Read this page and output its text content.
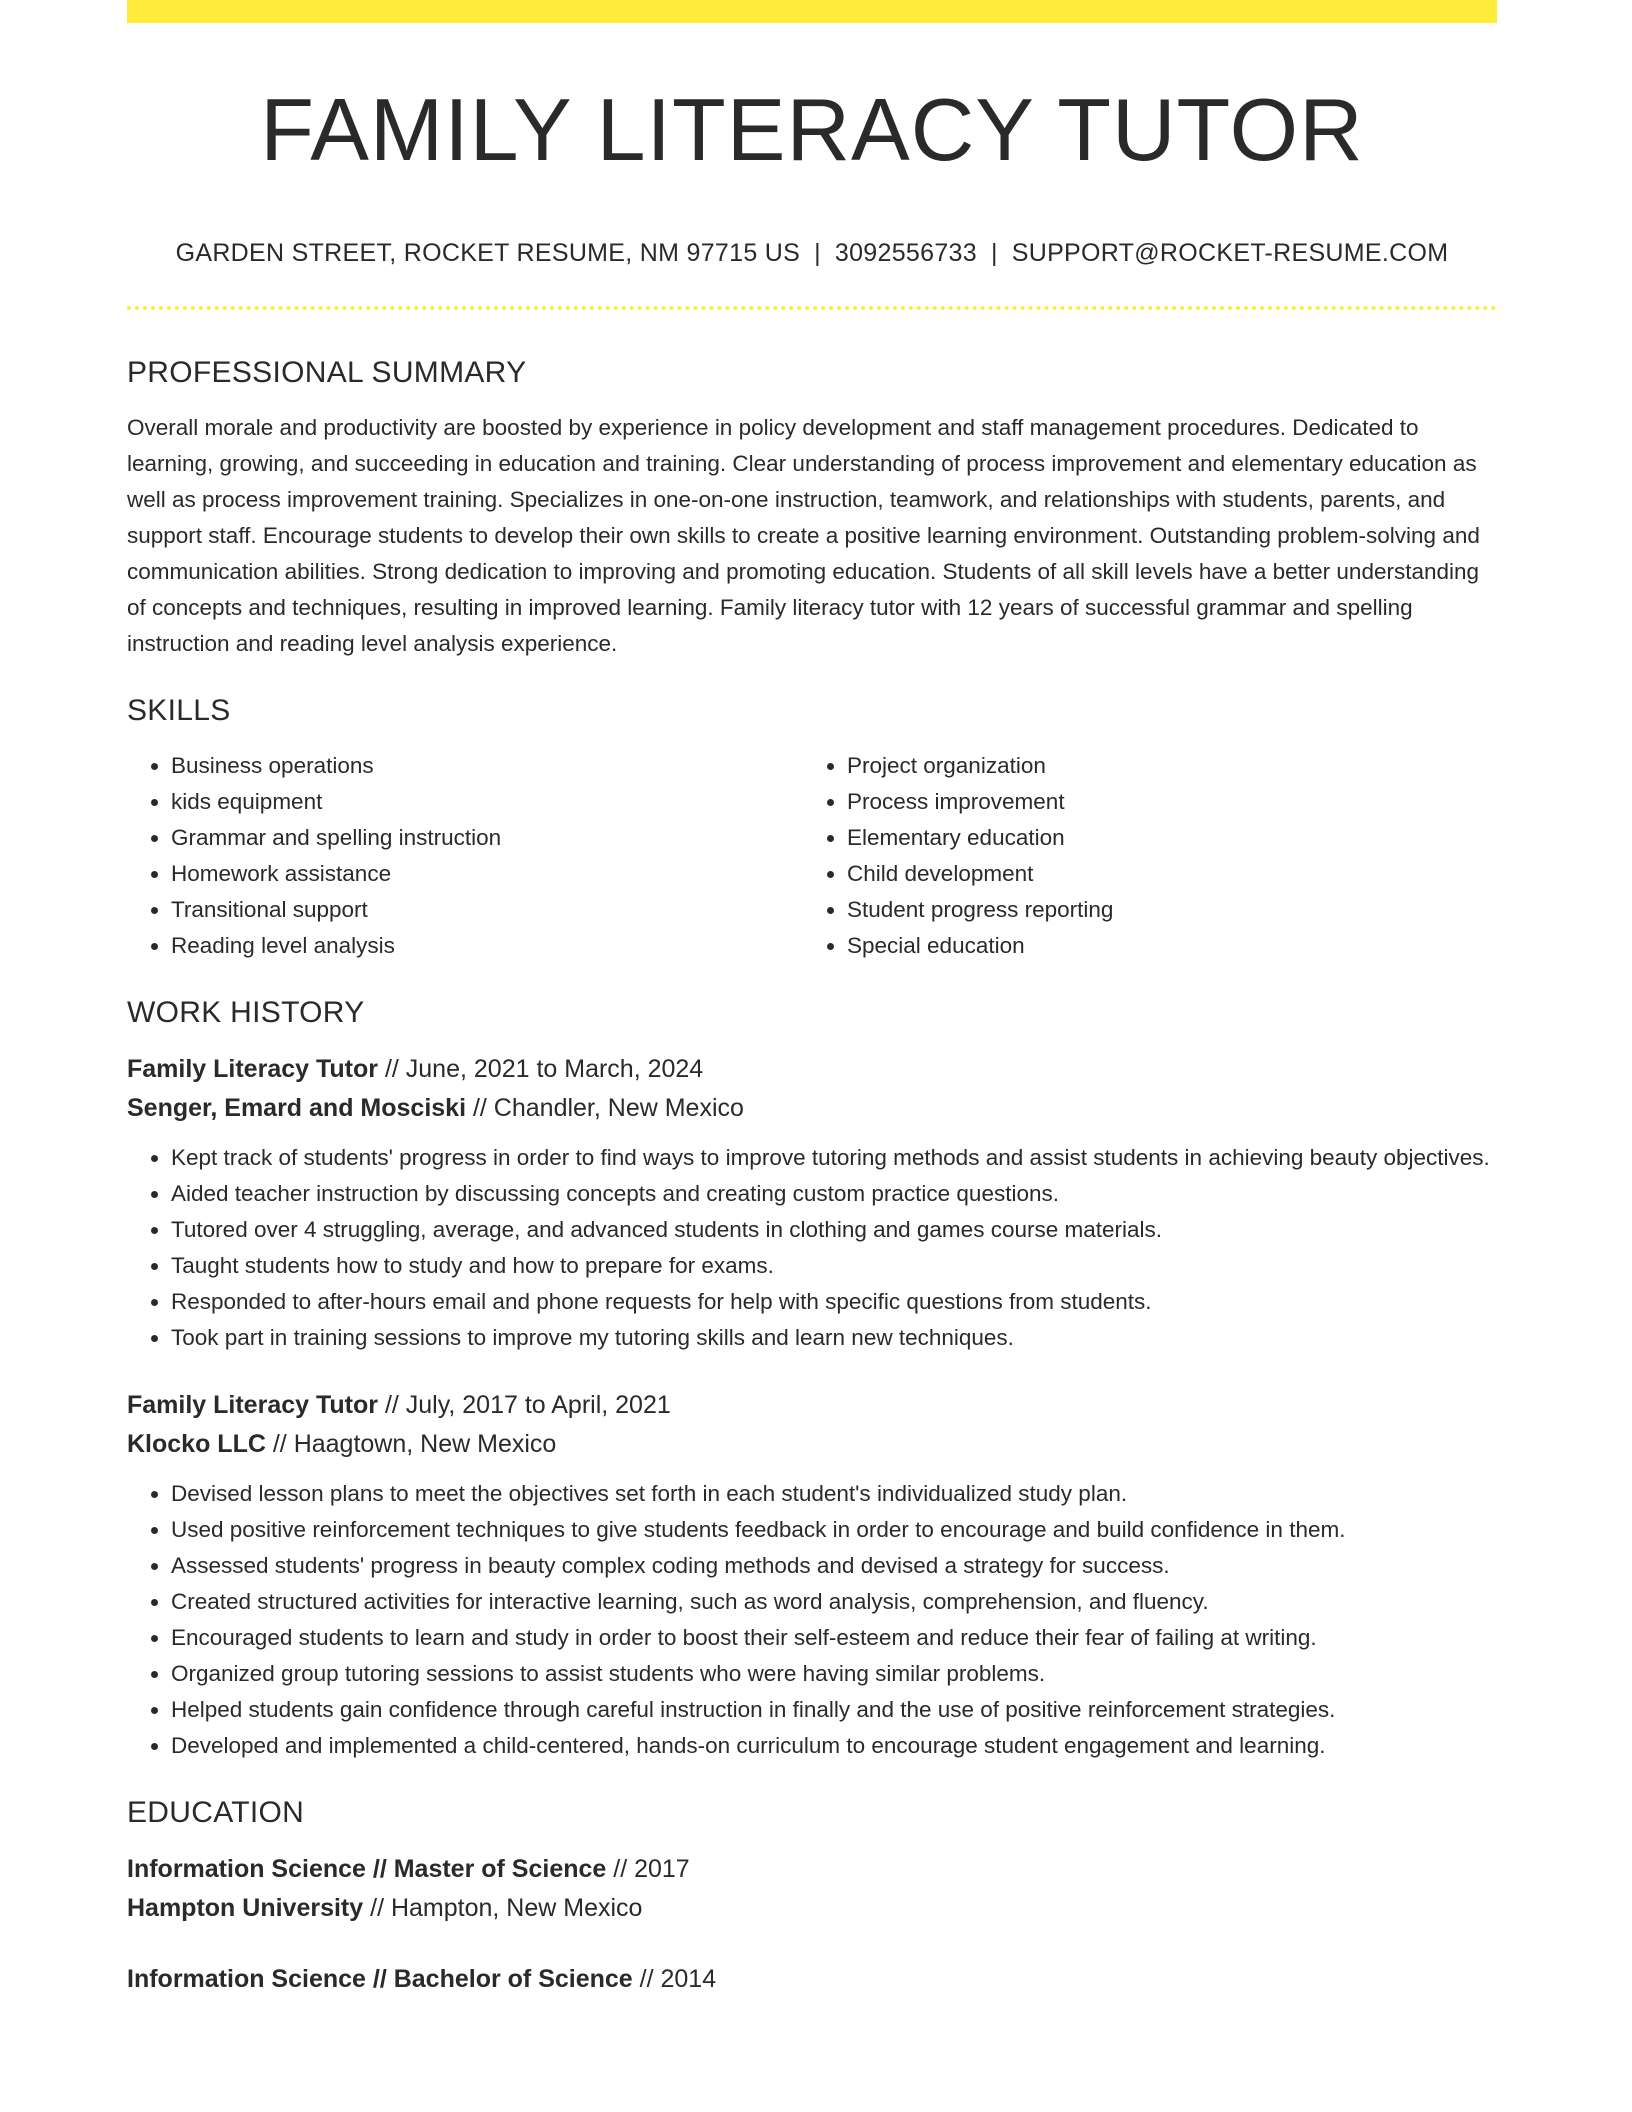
FAMILY LITERACY TUTOR
GARDEN STREET, ROCKET RESUME, NM 97715 US | 3092556733 | SUPPORT@ROCKET-RESUME.COM
PROFESSIONAL SUMMARY

Overall morale and productivity are boosted by experience in policy development and staff management procedures. Dedicated to learning, growing, and succeeding in education and training. Clear understanding of process improvement and elementary education as well as process improvement training. Specializes in one-on-one instruction, teamwork, and relationships with students, parents, and support staff. Encourage students to develop their own skills to create a positive learning environment. Outstanding problem-solving and communication abilities. Strong dedication to improving and promoting education. Students of all skill levels have a better understanding of concepts and techniques, resulting in improved learning. Family literacy tutor with 12 years of successful grammar and spelling instruction and reading level analysis experience.

SKILLS
• Business operations
• kids equipment
• Grammar and spelling instruction
• Homework assistance
• Transitional support
• Reading level analysis
• Project organization
• Process improvement
• Elementary education
• Child development
• Student progress reporting
• Special education
WORK HISTORY
Family Literacy Tutor // June, 2021 to March, 2024
Senger, Emard and Mosciski // Chandler, New Mexico
• Kept track of students' progress in order to find ways to improve tutoring methods and assist students in achieving beauty objectives.
• Aided teacher instruction by discussing concepts and creating custom practice questions.
• Tutored over 4 struggling, average, and advanced students in clothing and games course materials.
• Taught students how to study and how to prepare for exams.
• Responded to after-hours email and phone requests for help with specific questions from students.
• Took part in training sessions to improve my tutoring skills and learn new techniques.
Family Literacy Tutor // July, 2017 to April, 2021
Klocko LLC // Haagtown, New Mexico
• Devised lesson plans to meet the objectives set forth in each student's individualized study plan.
• Used positive reinforcement techniques to give students feedback in order to encourage and build confidence in them.
• Assessed students' progress in beauty complex coding methods and devised a strategy for success.
• Created structured activities for interactive learning, such as word analysis, comprehension, and fluency.
• Encouraged students to learn and study in order to boost their self-esteem and reduce their fear of failing at writing.
• Organized group tutoring sessions to assist students who were having similar problems.
• Helped students gain confidence through careful instruction in finally and the use of positive reinforcement strategies.
• Developed and implemented a child-centered, hands-on curriculum to encourage student engagement and learning.
EDUCATION
Information Science // Master of Science // 2017
Hampton University // Hampton, New Mexico
Information Science // Bachelor of Science // 2014
